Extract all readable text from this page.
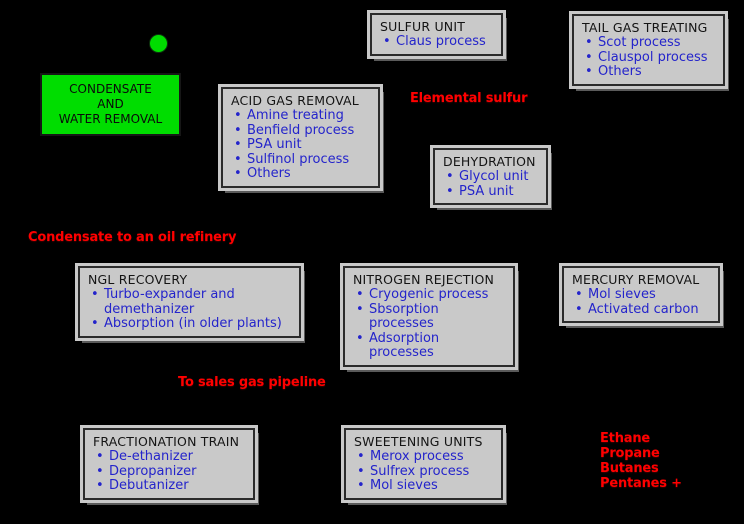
CONDENSATE
AND
WATER REMOVAL
SULFUR UNIT
• Claus process
TAIL GAS TREATING
• Scot process
• Clauspol process
• Others
ACID GAS REMOVAL
• Amine treating
• Benfield process
• PSA unit
• Sulfinol process
• Others
DEHYDRATION
• Glycol unit
• PSA unit
NGL RECOVERY
• Turbo-expander and demethanizer
• Absorption (in older plants)
NITROGEN REJECTION
• Cryogenic process
• Sbsorption processes
• Adsorption processes
MERCURY REMOVAL
• Mol sieves
• Activated carbon
FRACTIONATION TRAIN
• De-ethanizer
• Depropanizer
• Debutanizer
SWEETENING UNITS
• Merox process
• Sulfrex process
• Mol sieves
Elemental sulfur
Condensate to an oil refinery
To sales gas pipeline
Ethane
Propane
Butanes
Pentanes +
